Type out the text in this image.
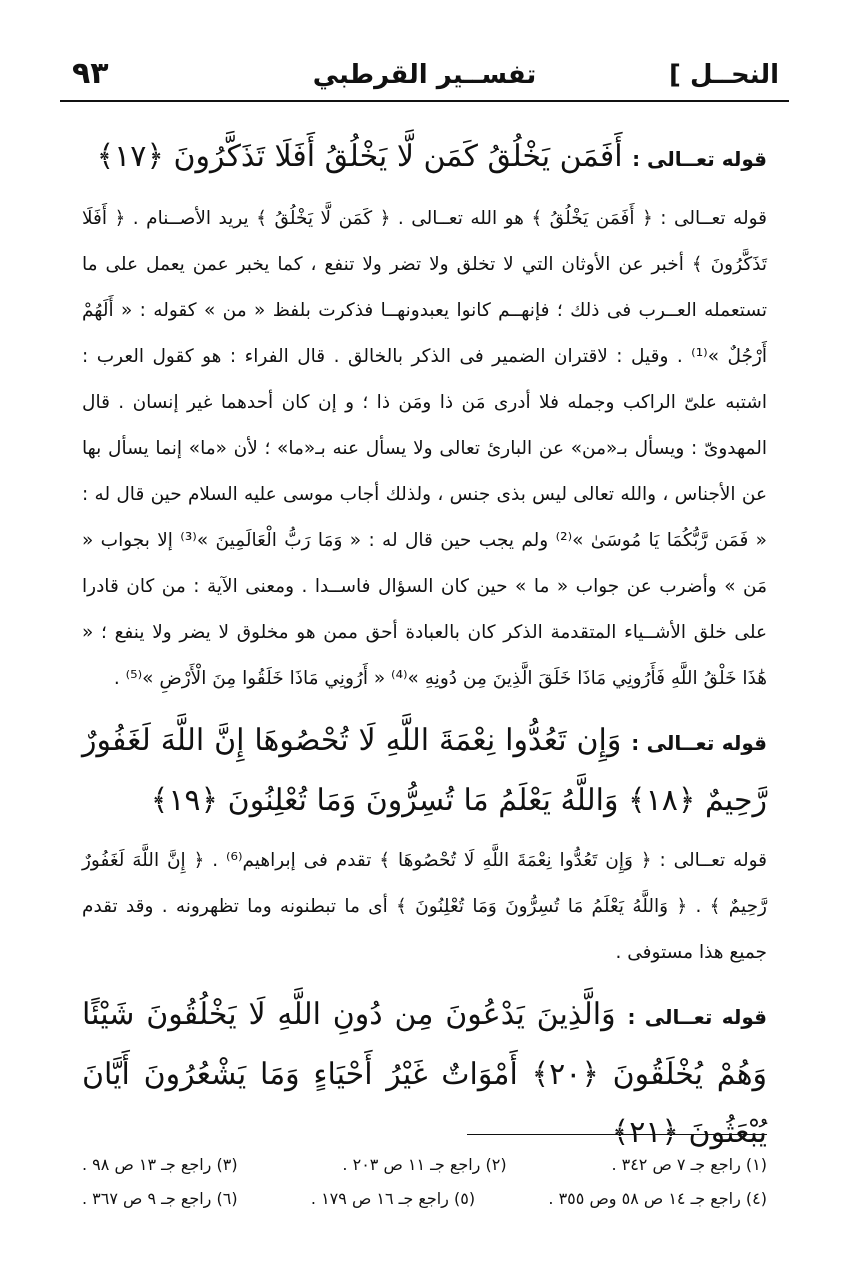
النحــل ]
تفســير القرطبي
٩٣
قوله تعــالى : أَفَمَن يَخْلُقُ كَمَن لَّا يَخْلُقُ أَفَلَا تَذَكَّرُونَ ﴿١٧﴾

قوله تعــالى : ﴿ أَفَمَن يَخْلُقُ ﴾ هو الله تعــالى . ﴿ كَمَن لَّا يَخْلُقُ ﴾ يريد الأصــنام . ﴿ أَفَلَا تَذَكَّرُونَ ﴾ أخبر عن الأوثان التي لا تخلق ولا تضر ولا تنفع ، كما يخبر عمن يعمل على ما تستعمله العــرب فى ذلك ؛ فإنهــم كانوا يعبدونهــا فذكرت بلفظ « من » كقوله : « أَلَهُمْ أَرْجُلٌ »⁽¹⁾ . وقيل : لاقتران الضمير فى الذكر بالخالق . قال الفراء : هو كقول العرب : اشتبه علىّ الراكب وجمله فلا أدرى مَن ذا ومَن ذا ؛ و إن كان أحدهما غير إنسان . قال المهدوىّ : ويسأل بـ«من» عن البارئ تعالى ولا يسأل عنه بـ«ما» ؛ لأن «ما» إنما يسأل بها عن الأجناس ، والله تعالى ليس بذى جنس ، ولذلك أجاب موسى عليه السلام حين قال له : « فَمَن رَّبُّكُمَا يَا مُوسَىٰ »⁽²⁾ ولم يجب حين قال له : « وَمَا رَبُّ الْعَالَمِينَ »⁽³⁾ إلا بجواب « مَن » وأضرب عن جواب « ما » حين كان السؤال فاســدا . ومعنى الآية : من كان قادرا على خلق الأشــياء المتقدمة الذكر كان بالعبادة أحق ممن هو مخلوق لا يضر ولا ينفع ؛ « هَٰذَا خَلْقُ اللَّهِ فَأَرُونِي مَاذَا خَلَقَ الَّذِينَ مِن دُونِهِ »⁽⁴⁾ « أَرُونِي مَاذَا خَلَقُوا مِنَ الْأَرْضِ »⁽⁵⁾ .

قوله تعــالى : وَإِن تَعُدُّوا نِعْمَةَ اللَّهِ لَا تُحْصُوهَا إِنَّ اللَّهَ لَغَفُورٌ رَّحِيمٌ ﴿١٨﴾ وَاللَّهُ يَعْلَمُ مَا تُسِرُّونَ وَمَا تُعْلِنُونَ ﴿١٩﴾

قوله تعــالى : ﴿ وَإِن تَعُدُّوا نِعْمَةَ اللَّهِ لَا تُحْصُوهَا ﴾ تقدم فى إبراهيم⁽⁶⁾ . ﴿ إِنَّ اللَّهَ لَغَفُورٌ رَّحِيمٌ ﴾ . ﴿ وَاللَّهُ يَعْلَمُ مَا تُسِرُّونَ وَمَا تُعْلِنُونَ ﴾ أى ما تبطنونه وما تظهرونه . وقد تقدم جميع هذا مستوفى .

قوله تعــالى : وَالَّذِينَ يَدْعُونَ مِن دُونِ اللَّهِ لَا يَخْلُقُونَ شَيْئًا وَهُمْ يُخْلَقُونَ ﴿٢٠﴾ أَمْوَاتٌ غَيْرُ أَحْيَاءٍ وَمَا يَشْعُرُونَ أَيَّانَ يُبْعَثُونَ ﴿٢١﴾
(١) راجع جـ ٧ ص ٣٤٢ .
(٢) راجع جـ ١١ ص ٢٠٣ .
(٣) راجع جـ ١٣ ص ٩٨ .
(٤) راجع جـ ١٤ ص ٥٨ وص ٣٥٥ .
(٥) راجع جـ ١٦ ص ١٧٩ .
(٦) راجع جـ ٩ ص ٣٦٧ .
